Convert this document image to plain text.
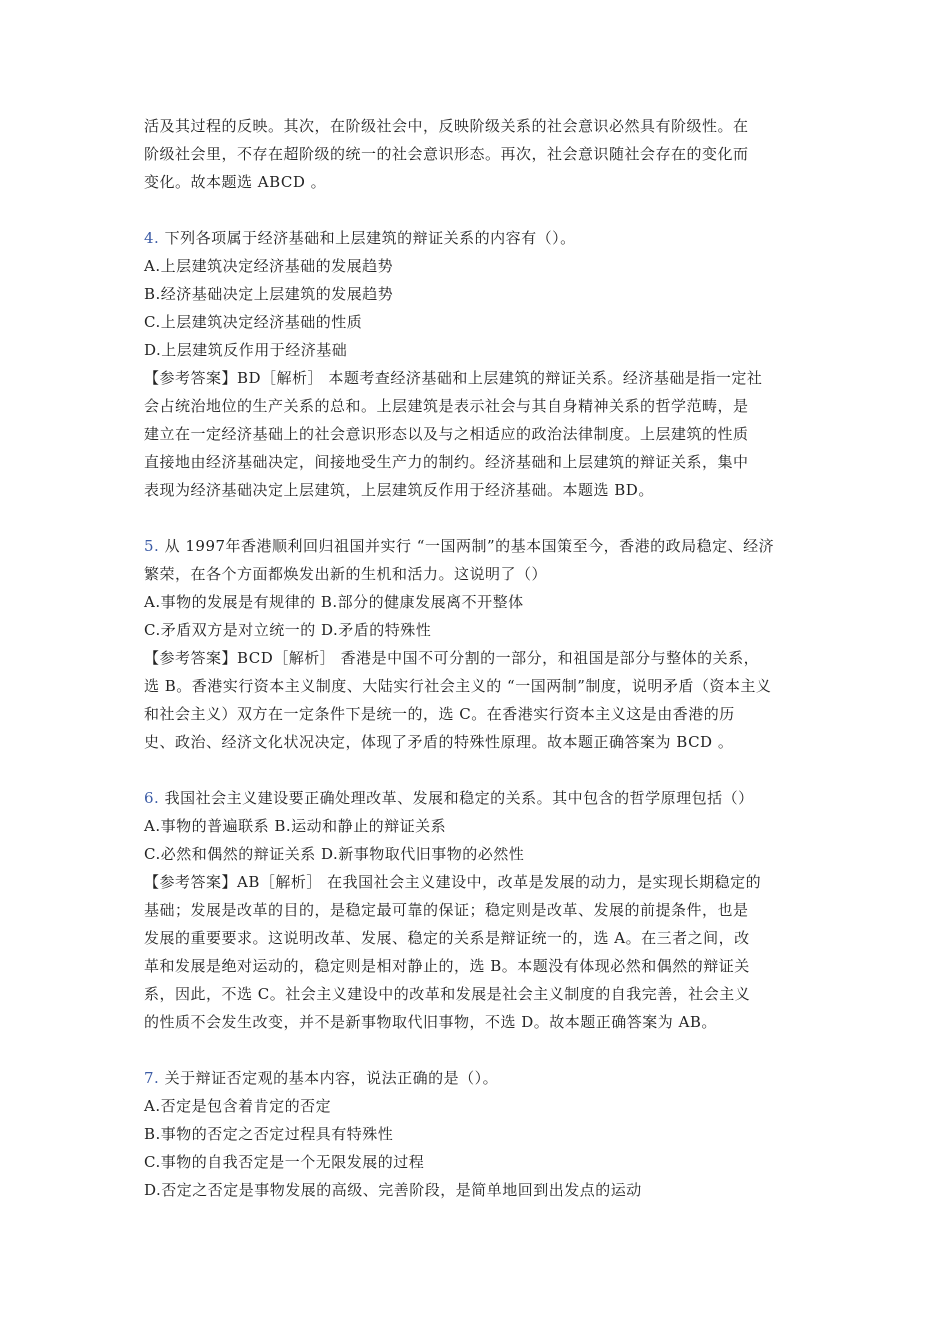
活及其过程的反映。其次，在阶级社会中，反映阶级关系的社会意识必然具有阶级性。在
阶级社会里，不存在超阶级的统一的社会意识形态。再次，社会意识随社会存在的变化而
变化。故本题选 ABCD 。
4. 下列各项属于经济基础和上层建筑的辩证关系的内容有（）。
A.上层建筑决定经济基础的发展趋势
B.经济基础决定上层建筑的发展趋势
C.上层建筑决定经济基础的性质
D.上层建筑反作用于经济基础
【参考答案】BD［解析］ 本题考查经济基础和上层建筑的辩证关系。经济基础是指一定社
会占统治地位的生产关系的总和。上层建筑是表示社会与其自身精神关系的哲学范畴，是
建立在一定经济基础上的社会意识形态以及与之相适应的政治法律制度。上层建筑的性质
直接地由经济基础决定，间接地受生产力的制约。经济基础和上层建筑的辩证关系，集中
表现为经济基础决定上层建筑，上层建筑反作用于经济基础。本题选 BD。
5. 从 1997年香港顺利回归祖国并实行 “一国两制”的基本国策至今，香港的政局稳定、经济
繁荣，在各个方面都焕发出新的生机和活力。这说明了（）
A.事物的发展是有规律的 B.部分的健康发展离不开整体
C.矛盾双方是对立统一的 D.矛盾的特殊性
【参考答案】BCD［解析］ 香港是中国不可分割的一部分，和祖国是部分与整体的关系，
选 B。香港实行资本主义制度、大陆实行社会主义的 “一国两制”制度，说明矛盾（资本主义
和社会主义）双方在一定条件下是统一的，选 C。在香港实行资本主义这是由香港的历
史、政治、经济文化状况决定，体现了矛盾的特殊性原理。故本题正确答案为 BCD 。
6. 我国社会主义建设要正确处理改革、发展和稳定的关系。其中包含的哲学原理包括（）
A.事物的普遍联系 B.运动和静止的辩证关系
C.必然和偶然的辩证关系 D.新事物取代旧事物的必然性
【参考答案】AB［解析］ 在我国社会主义建设中，改革是发展的动力，是实现长期稳定的
基础；发展是改革的目的，是稳定最可靠的保证；稳定则是改革、发展的前提条件，也是
发展的重要要求。这说明改革、发展、稳定的关系是辩证统一的，选 A。在三者之间，改
革和发展是绝对运动的，稳定则是相对静止的，选 B。本题没有体现必然和偶然的辩证关
系，因此，不选 C。社会主义建设中的改革和发展是社会主义制度的自我完善，社会主义
的性质不会发生改变，并不是新事物取代旧事物，不选 D。故本题正确答案为 AB。
7. 关于辩证否定观的基本内容，说法正确的是（）。
A.否定是包含着肯定的否定
B.事物的否定之否定过程具有特殊性
C.事物的自我否定是一个无限发展的过程
D.否定之否定是事物发展的高级、完善阶段，是简单地回到出发点的运动
